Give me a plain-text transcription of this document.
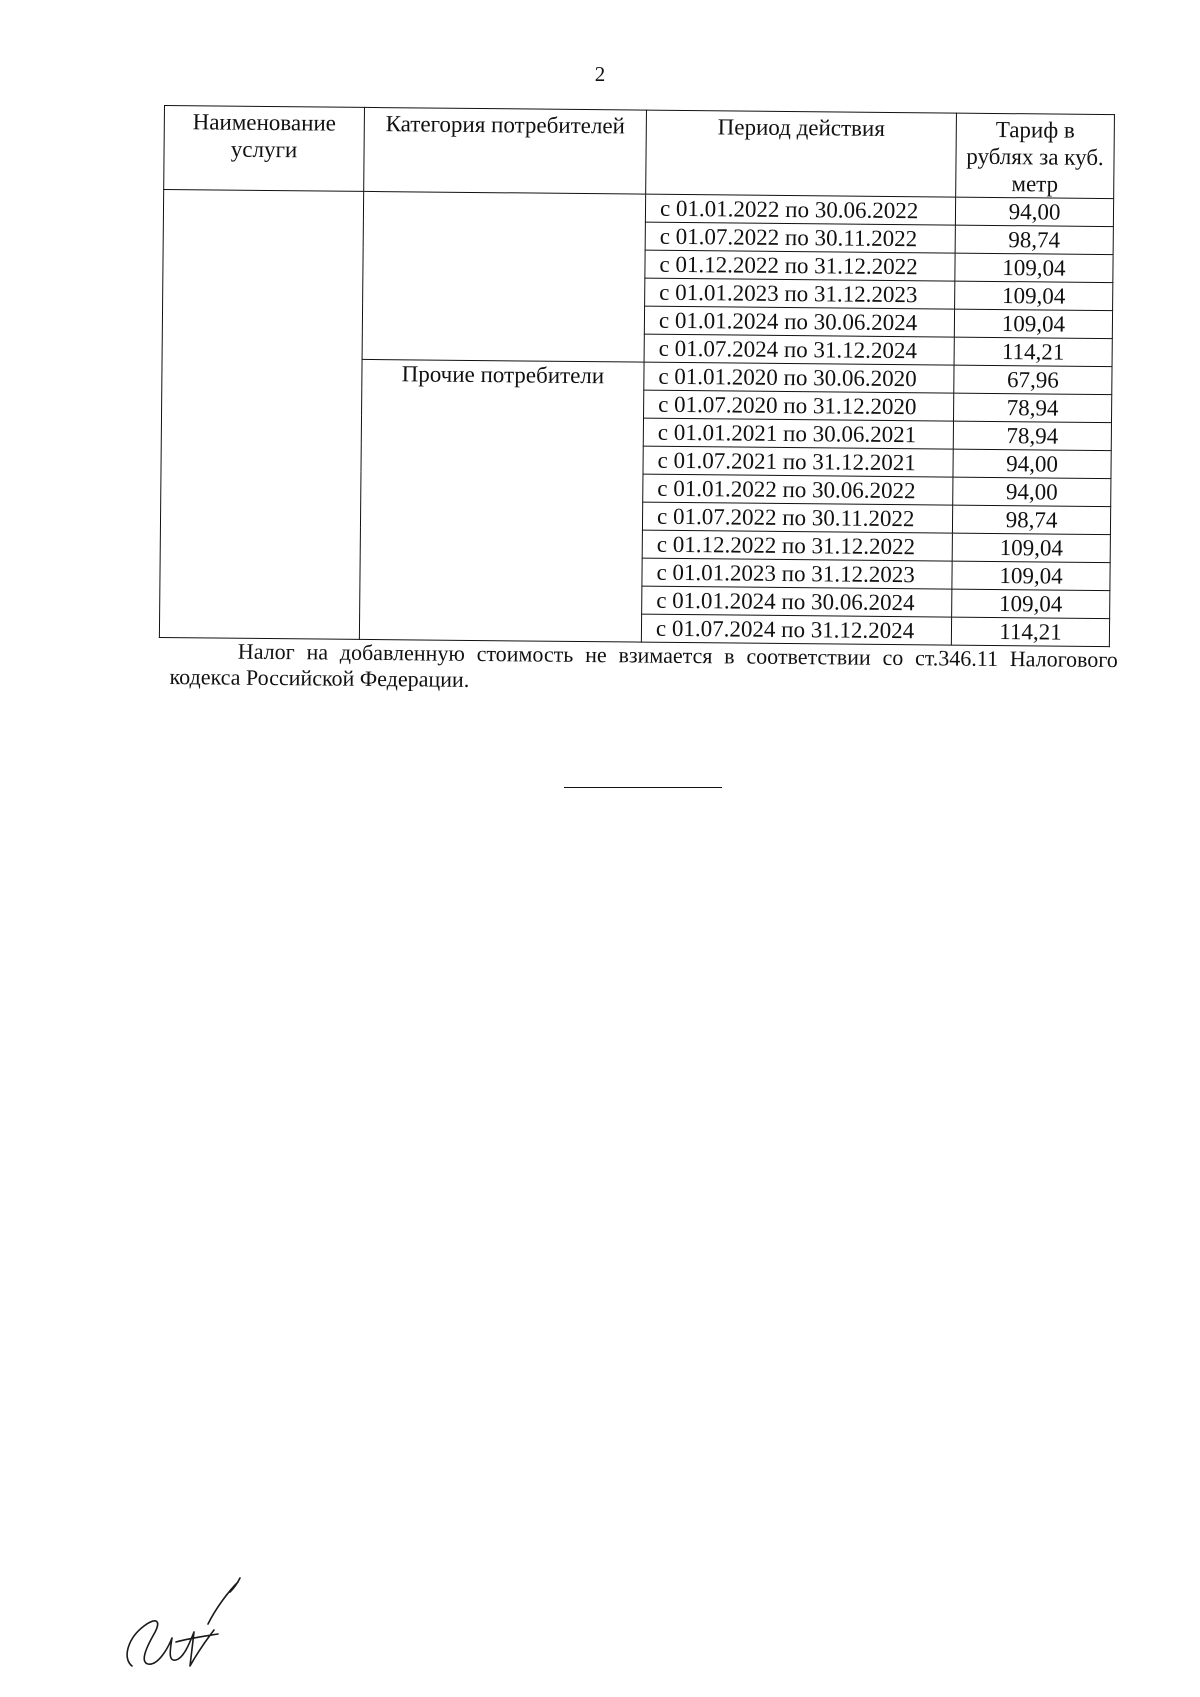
2
Наименование услуги	Категория потребителей	Период действия	Тариф в рублях за куб. метр
		с 01.01.2022 по 30.06.2022	94,00
		с 01.07.2022 по 30.11.2022	98,74
		с 01.12.2022 по 31.12.2022	109,04
		с 01.01.2023 по 31.12.2023	109,04
		с 01.01.2024 по 30.06.2024	109,04
		с 01.07.2024 по 31.12.2024	114,21
	Прочие потребители	с 01.01.2020 по 30.06.2020	67,96
		с 01.07.2020 по 31.12.2020	78,94
		с 01.01.2021 по 30.06.2021	78,94
		с 01.07.2021 по 31.12.2021	94,00
		с 01.01.2022 по 30.06.2022	94,00
		с 01.07.2022 по 30.11.2022	98,74
		с 01.12.2022 по 31.12.2022	109,04
		с 01.01.2023 по 31.12.2023	109,04
		с 01.01.2024 по 30.06.2024	109,04
		с 01.07.2024 по 31.12.2024	114,21
Налог на добавленную стоимость не взимается в соответствии со ст.346.11 Налогового кодекса Российской Федерации.
